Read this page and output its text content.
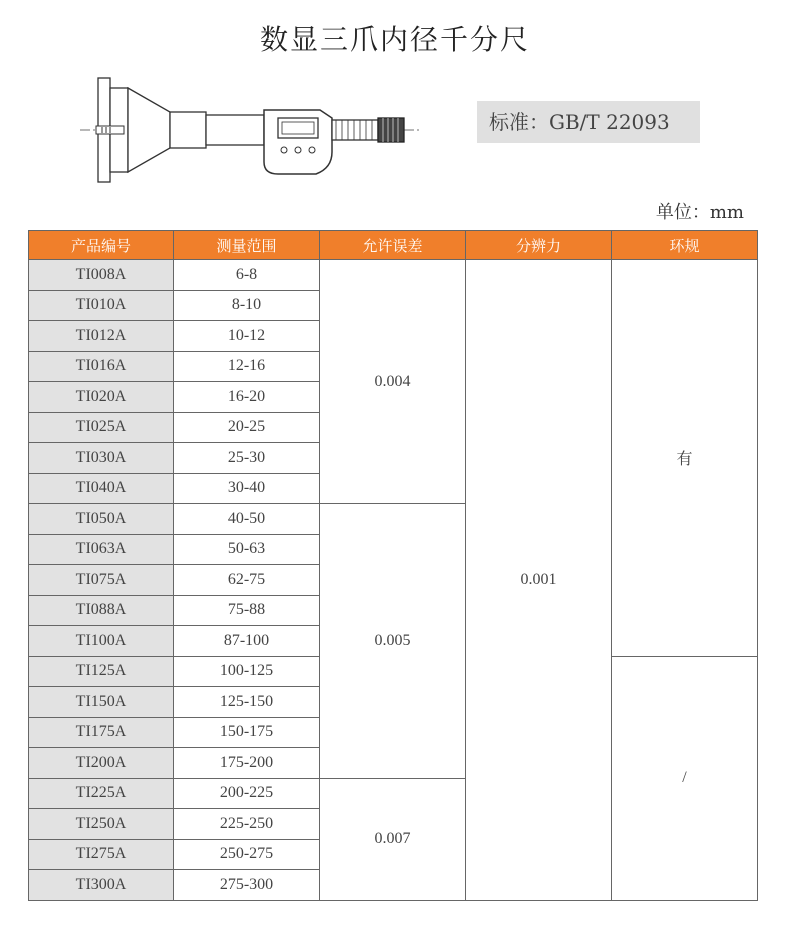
数显三爪内径千分尺
标准：GB/T 22093
单位：mm
产品编号	测量范围	允许误差	分辨力	环规
TI008A	6-8	0.004	0.001	有
TI010A	8-10			
TI012A	10-12			
TI016A	12-16			
TI020A	16-20			
TI025A	20-25			
TI030A	25-30			
TI040A	30-40			
TI050A	40-50	0.005		
TI063A	50-63			
TI075A	62-75			
TI088A	75-88			
TI100A	87-100			
TI125A	100-125			/
TI150A	125-150			
TI175A	150-175			
TI200A	175-200			
TI225A	200-225	0.007		
TI250A	225-250			
TI275A	250-275			
TI300A	275-300			
